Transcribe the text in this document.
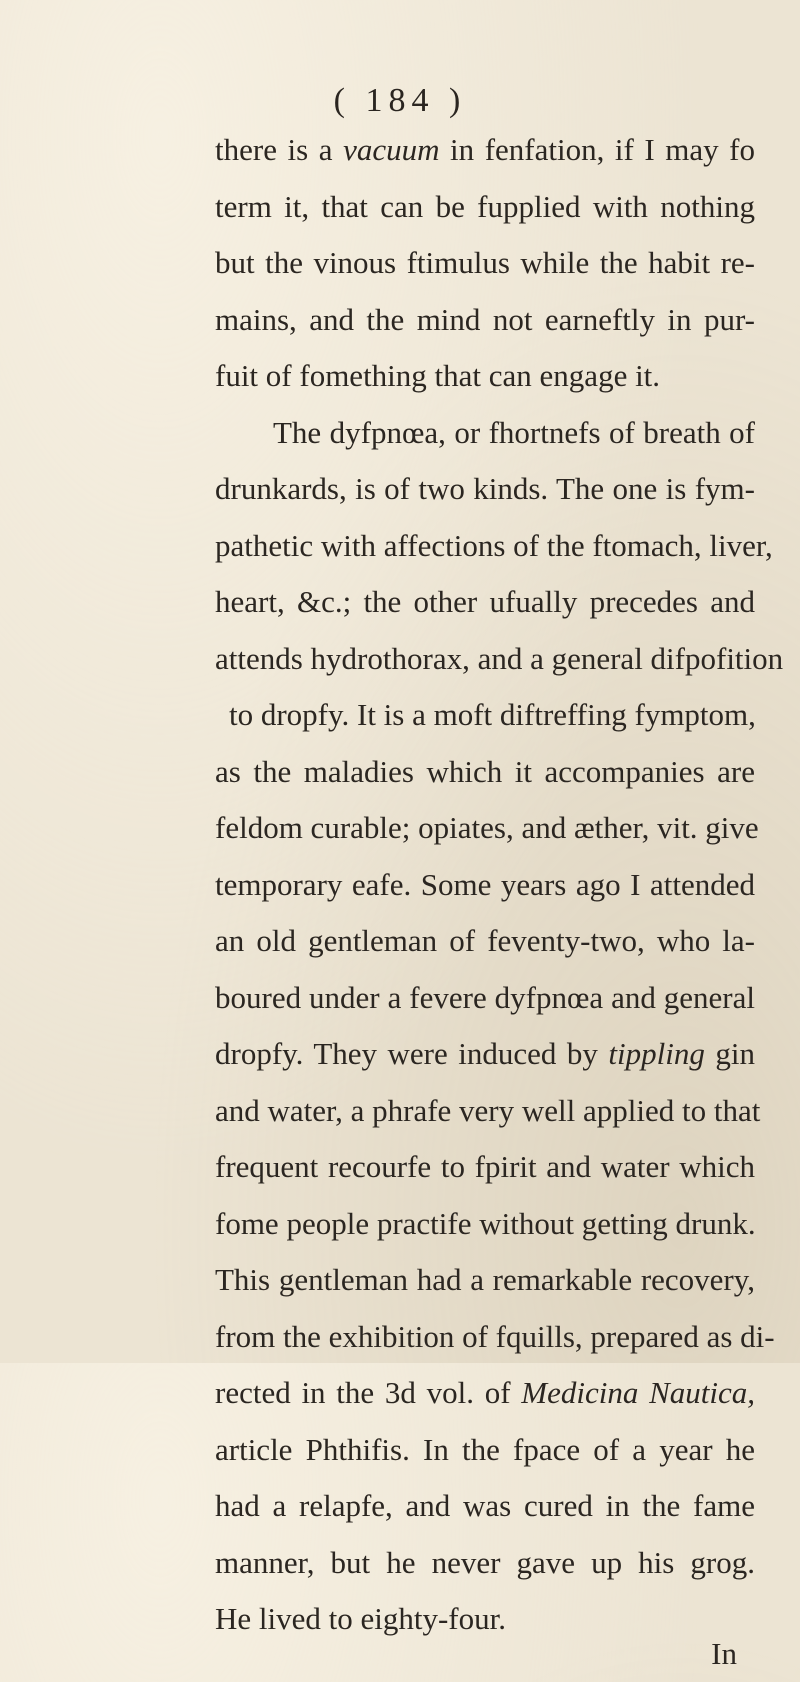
( 184 )
there is a vacuum in fenfation, if I may fo
term it, that can be fupplied with nothing
but the vinous ftimulus while the habit re-
mains, and the mind not earneftly in pur-
fuit of fomething that can engage it.
The dyfpnœa, or fhortnefs of breath of
drunkards, is of two kinds. The one is fym-
pathetic with affections of the ftomach, liver,
heart, &c.; the other ufually precedes and
attends hydrothorax, and a general difpofition
to dropfy. It is a moft diftreffing fymptom,
as the maladies which it accompanies are
feldom curable; opiates, and æther, vit. give
temporary eafe. Some years ago I attended
an old gentleman of feventy-two, who la-
boured under a fevere dyfpnœa and general
dropfy. They were induced by tippling gin
and water, a phrafe very well applied to that
frequent recourfe to fpirit and water which
fome people practife without getting drunk.
This gentleman had a remarkable recovery,
from the exhibition of fquills, prepared as di-
rected in the 3d vol. of Medicina Nautica,
article Phthifis. In the fpace of a year he
had a relapfe, and was cured in the fame
manner, but he never gave up his grog.
He lived to eighty-four.
In
